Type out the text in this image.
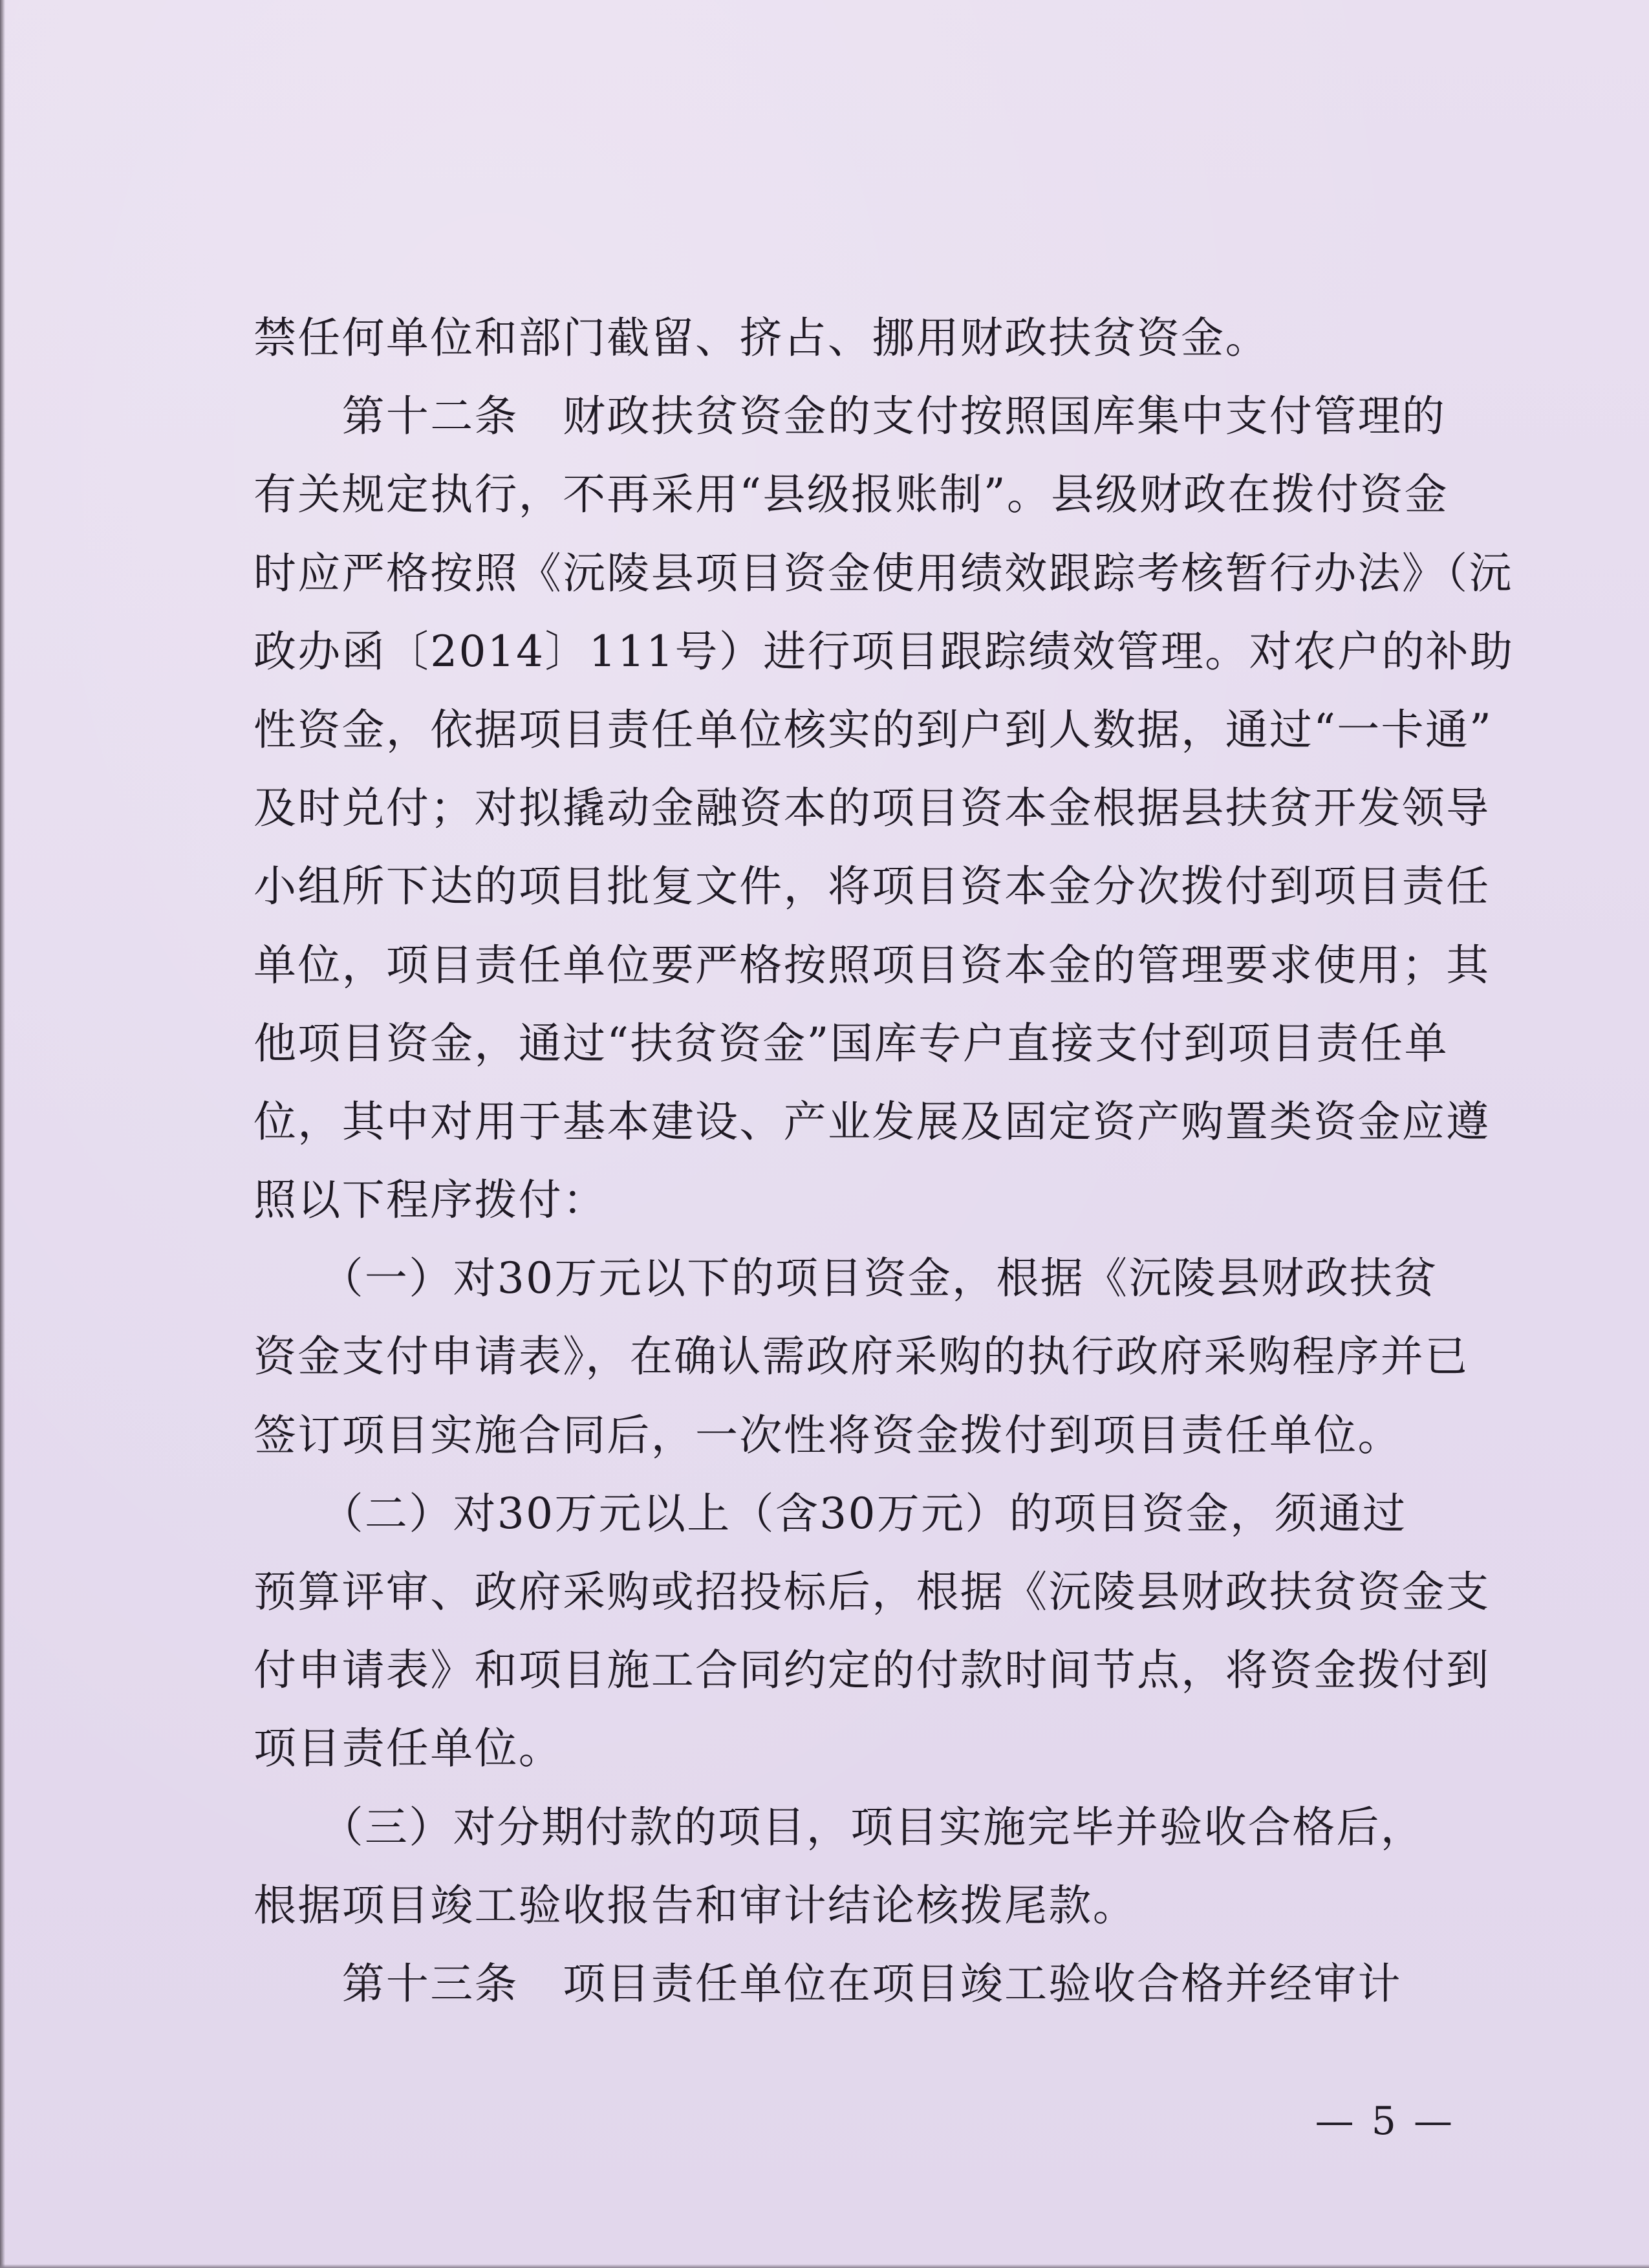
禁任何单位和部门截留、挤占、挪用财政扶贫资金。
　　第十二条　财政扶贫资金的支付按照国库集中支付管理的
有关规定执行，不再采用“县级报账制”。县级财政在拨付资金
时应严格按照《沅陵县项目资金使用绩效跟踪考核暂行办法》（沅
政办函〔2014〕111号）进行项目跟踪绩效管理。对农户的补助
性资金，依据项目责任单位核实的到户到人数据，通过“一卡通”
及时兑付；对拟撬动金融资本的项目资本金根据县扶贫开发领导
小组所下达的项目批复文件，将项目资本金分次拨付到项目责任
单位，项目责任单位要严格按照项目资本金的管理要求使用；其
他项目资金，通过“扶贫资金”国库专户直接支付到项目责任单
位，其中对用于基本建设、产业发展及固定资产购置类资金应遵
照以下程序拨付：
　　（一）对30万元以下的项目资金，根据《沅陵县财政扶贫
资金支付申请表》，在确认需政府采购的执行政府采购程序并已
签订项目实施合同后，一次性将资金拨付到项目责任单位。
　　（二）对30万元以上（含30万元）的项目资金，须通过
预算评审、政府采购或招投标后，根据《沅陵县财政扶贫资金支
付申请表》和项目施工合同约定的付款时间节点，将资金拨付到
项目责任单位。
　　（三）对分期付款的项目，项目实施完毕并验收合格后，
根据项目竣工验收报告和审计结论核拨尾款。
　　第十三条　项目责任单位在项目竣工验收合格并经审计
— 5 —
